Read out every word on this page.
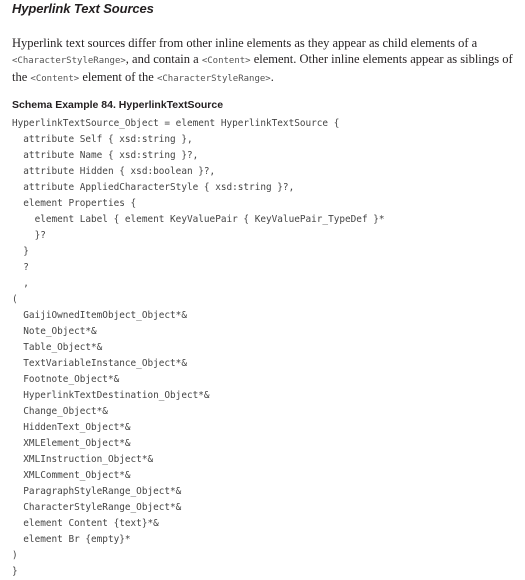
Hyperlink Text Sources
Hyperlink text sources differ from other inline elements as they appear as child elements of a <CharacterStyleRange>, and contain a <Content> element. Other inline elements appear as siblings of the <Content> element of the <CharacterStyleRange>.
Schema Example 84. HyperlinkTextSource
HyperlinkTextSource_Object = element HyperlinkTextSource {
attribute Self { xsd:string },
attribute Name { xsd:string }?,
attribute Hidden { xsd:boolean }?,
attribute AppliedCharacterStyle { xsd:string }?,
element Properties {
element Label { element KeyValuePair { KeyValuePair_TypeDef }*
}?
}
?
,
(
GaijiOwnedItemObject_Object*&
Note_Object*&
Table_Object*&
TextVariableInstance_Object*&
Footnote_Object*&
HyperlinkTextDestination_Object*&
Change_Object*&
HiddenText_Object*&
XMLElement_Object*&
XMLInstruction_Object*&
XMLComment_Object*&
ParagraphStyleRange_Object*&
CharacterStyleRange_Object*&
element Content {text}*&
element Br {empty}*
)
}
